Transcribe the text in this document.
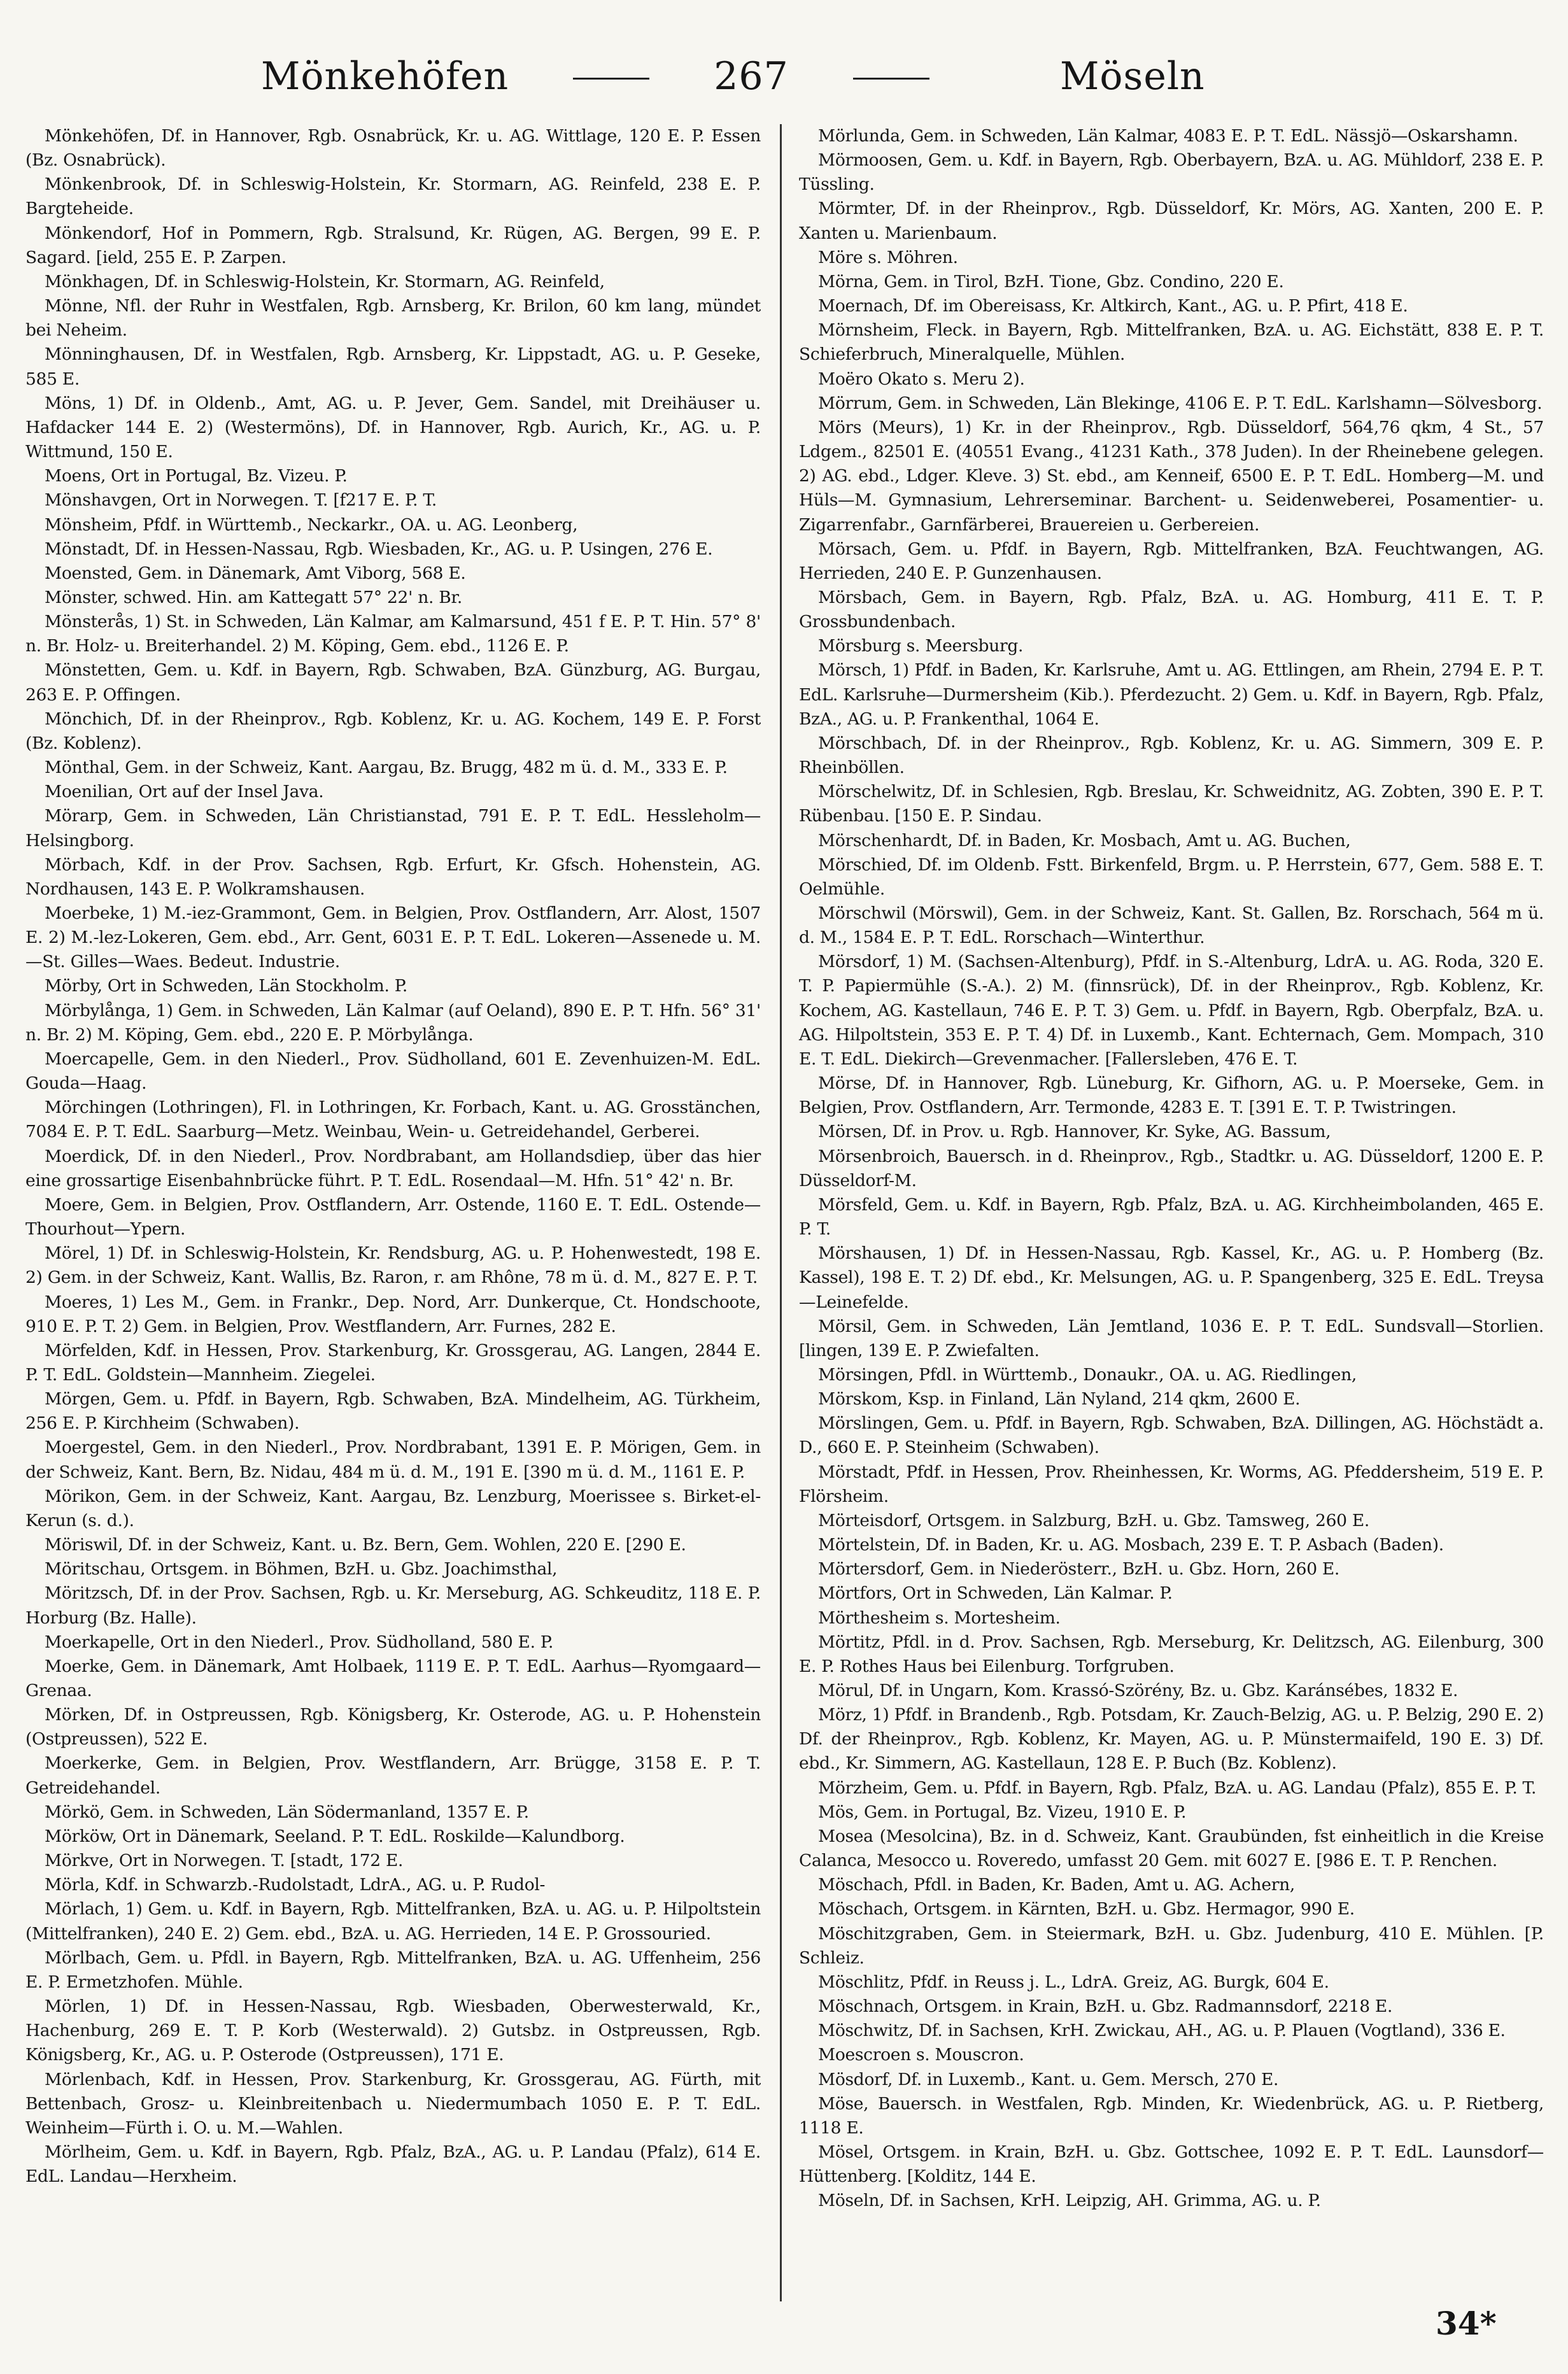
Mönkehöfen	267	Möseln

Mönkehöfen, Df. in Hannover, Rgb. Osnabrück, Kr. u. AG. Wittlage, 120 E. P. Essen (Bz. Osnabrück).

Mönkenbrook, Df. in Schleswig-Holstein, Kr. Stormarn, AG. Reinfeld, 238 E. P. Bargteheide.

Mönkendorf, Hof in Pommern, Rgb. Stralsund, Kr. Rügen, AG. Bergen, 99 E. P. Sagard. [ield, 255 E. P. Zarpen.

Mönkhagen, Df. in Schleswig-Holstein, Kr. Stormarn, AG. Reinfeld,

Mönne, Nfl. der Ruhr in Westfalen, Rgb. Arnsberg, Kr. Brilon, 60 km lang, mündet bei Neheim.

Mönninghausen, Df. in Westfalen, Rgb. Arnsberg, Kr. Lippstadt, AG. u. P. Geseke, 585 E.

Möns, 1) Df. in Oldenb., Amt, AG. u. P. Jever, Gem. Sandel, mit Dreihäuser u. Hafdacker 144 E. 2) (Westermöns), Df. in Hannover, Rgb. Aurich, Kr., AG. u. P. Wittmund, 150 E.

Moens, Ort in Portugal, Bz. Vizeu. P.

Mönshavgen, Ort in Norwegen. T. [f217 E. P. T.

Mönsheim, Pfdf. in Württemb., Neckarkr., OA. u. AG. Leonberg,

Mönstadt, Df. in Hessen-Nassau, Rgb. Wiesbaden, Kr., AG. u. P. Usingen, 276 E.

Moensted, Gem. in Dänemark, Amt Viborg, 568 E.

Mönster, schwed. Hin. am Kattegatt 57° 22' n. Br.

Mönsterås, 1) St. in Schweden, Län Kalmar, am Kalmarsund, 451 f E. P. T. Hin. 57° 8' n. Br. Holz- u. Breiterhandel. 2) M. Köping, Gem. ebd., 1126 E. P.

Mönstetten, Gem. u. Kdf. in Bayern, Rgb. Schwaben, BzA. Günzburg, AG. Burgau, 263 E. P. Offingen.

Mönchich, Df. in der Rheinprov., Rgb. Koblenz, Kr. u. AG. Kochem, 149 E. P. Forst (Bz. Koblenz).

Mönthal, Gem. in der Schweiz, Kant. Aargau, Bz. Brugg, 482 m ü. d. M., 333 E. P.

Moenilian, Ort auf der Insel Java.

Mörarp, Gem. in Schweden, Län Christianstad, 791 E. P. T. EdL. Hessleholm—Helsingborg.

Mörbach, Kdf. in der Prov. Sachsen, Rgb. Erfurt, Kr. Gfsch. Hohenstein, AG. Nordhausen, 143 E. P. Wolkramshausen.

Moerbeke, 1) M.-iez-Grammont, Gem. in Belgien, Prov. Ostflandern, Arr. Alost, 1507 E. 2) M.-lez-Lokeren, Gem. ebd., Arr. Gent, 6031 E. P. T. EdL. Lokeren—Assenede u. M.—St. Gilles—Waes. Bedeut. Industrie.

Mörby, Ort in Schweden, Län Stockholm. P.

Mörbylånga, 1) Gem. in Schweden, Län Kalmar (auf Oeland), 890 E. P. T. Hfn. 56° 31' n. Br. 2) M. Köping, Gem. ebd., 220 E. P. Mörbylånga.

Moercapelle, Gem. in den Niederl., Prov. Südholland, 601 E. Zevenhuizen-M. EdL. Gouda—Haag.

Mörchingen (Lothringen), Fl. in Lothringen, Kr. Forbach, Kant. u. AG. Grosstänchen, 7084 E. P. T. EdL. Saarburg—Metz. Weinbau, Wein- u. Getreidehandel, Gerberei.

Moerdick, Df. in den Niederl., Prov. Nordbrabant, am Hollandsdiep, über das hier eine grossartige Eisenbahnbrücke führt. P. T. EdL. Rosendaal—M. Hfn. 51° 42' n. Br.

Moere, Gem. in Belgien, Prov. Ostflandern, Arr. Ostende, 1160 E. T. EdL. Ostende—Thourhout—Ypern.

Mörel, 1) Df. in Schleswig-Holstein, Kr. Rendsburg, AG. u. P. Hohenwestedt, 198 E. 2) Gem. in der Schweiz, Kant. Wallis, Bz. Raron, r. am Rhône, 78 m ü. d. M., 827 E. P. T.

Moeres, 1) Les M., Gem. in Frankr., Dep. Nord, Arr. Dunkerque, Ct. Hondschoote, 910 E. P. T. 2) Gem. in Belgien, Prov. Westflandern, Arr. Furnes, 282 E.

Mörfelden, Kdf. in Hessen, Prov. Starkenburg, Kr. Grossgerau, AG. Langen, 2844 E. P. T. EdL. Goldstein—Mannheim. Ziegelei.

Mörgen, Gem. u. Pfdf. in Bayern, Rgb. Schwaben, BzA. Mindelheim, AG. Türkheim, 256 E. P. Kirchheim (Schwaben).

Moergestel, Gem. in den Niederl., Prov. Nordbrabant, 1391 E. P. Mörigen, Gem. in der Schweiz, Kant. Bern, Bz. Nidau, 484 m ü. d. M., 191 E. [390 m ü. d. M., 1161 E. P.

Mörikon, Gem. in der Schweiz, Kant. Aargau, Bz. Lenzburg, Moerissee s. Birket-el-Kerun (s. d.).

Möriswil, Df. in der Schweiz, Kant. u. Bz. Bern, Gem. Wohlen, 220 E. [290 E.

Möritschau, Ortsgem. in Böhmen, BzH. u. Gbz. Joachimsthal,

Möritzsch, Df. in der Prov. Sachsen, Rgb. u. Kr. Merseburg, AG. Schkeuditz, 118 E. P. Horburg (Bz. Halle).

Moerkapelle, Ort in den Niederl., Prov. Südholland, 580 E. P.

Moerke, Gem. in Dänemark, Amt Holbaek, 1119 E. P. T. EdL. Aarhus—Ryomgaard—Grenaa.

Mörken, Df. in Ostpreussen, Rgb. Königsberg, Kr. Osterode, AG. u. P. Hohenstein (Ostpreussen), 522 E.

Moerkerke, Gem. in Belgien, Prov. Westflandern, Arr. Brügge, 3158 E. P. T. Getreidehandel.

Mörkö, Gem. in Schweden, Län Södermanland, 1357 E. P.

Mörköw, Ort in Dänemark, Seeland. P. T. EdL. Roskilde—Kalundborg.

Mörkve, Ort in Norwegen. T. [stadt, 172 E.

Mörla, Kdf. in Schwarzb.-Rudolstadt, LdrA., AG. u. P. Rudol-

Mörlach, 1) Gem. u. Kdf. in Bayern, Rgb. Mittelfranken, BzA. u. AG. u. P. Hilpoltstein (Mittelfranken), 240 E. 2) Gem. ebd., BzA. u. AG. Herrieden, 14 E. P. Grossouried.

Mörlbach, Gem. u. Pfdl. in Bayern, Rgb. Mittelfranken, BzA. u. AG. Uffenheim, 256 E. P. Ermetzhofen. Mühle.

Mörlen, 1) Df. in Hessen-Nassau, Rgb. Wiesbaden, Oberwesterwald, Kr., Hachenburg, 269 E. T. P. Korb (Westerwald). 2) Gutsbz. in Ostpreussen, Rgb. Königsberg, Kr., AG. u. P. Osterode (Ostpreussen), 171 E.

Mörlenbach, Kdf. in Hessen, Prov. Starkenburg, Kr. Grossgerau, AG. Fürth, mit Bettenbach, Grosz- u. Kleinbreitenbach u. Niedermumbach 1050 E. P. T. EdL. Weinheim—Fürth i. O. u. M.—Wahlen.

Mörlheim, Gem. u. Kdf. in Bayern, Rgb. Pfalz, BzA., AG. u. P. Landau (Pfalz), 614 E. EdL. Landau—Herxheim.

Mörlunda, Gem. in Schweden, Län Kalmar, 4083 E. P. T. EdL. Nässjö—Oskarshamn.

Mörmoosen, Gem. u. Kdf. in Bayern, Rgb. Oberbayern, BzA. u. AG. Mühldorf, 238 E. P. Tüssling.

Mörmter, Df. in der Rheinprov., Rgb. Düsseldorf, Kr. Mörs, AG. Xanten, 200 E. P. Xanten u. Marienbaum.

Möre s. Möhren.

Mörna, Gem. in Tirol, BzH. Tione, Gbz. Condino, 220 E.

Moernach, Df. im Obereisass, Kr. Altkirch, Kant., AG. u. P. Pfirt, 418 E.

Mörnsheim, Fleck. in Bayern, Rgb. Mittelfranken, BzA. u. AG. Eichstätt, 838 E. P. T. Schieferbruch, Mineralquelle, Mühlen.

Moëro Okato s. Meru 2).

Mörrum, Gem. in Schweden, Län Blekinge, 4106 E. P. T. EdL. Karlshamn—Sölvesborg.

Mörs (Meurs), 1) Kr. in der Rheinprov., Rgb. Düsseldorf, 564,76 qkm, 4 St., 57 Ldgem., 82501 E. (40551 Evang., 41231 Kath., 378 Juden). In der Rheinebene gelegen. 2) AG. ebd., Ldger. Kleve. 3) St. ebd., am Kenneif, 6500 E. P. T. EdL. Homberg—M. und Hüls—M. Gymnasium, Lehrerseminar. Barchent- u. Seidenweberei, Posamentier- u. Zigarrenfabr., Garnfärberei, Brauereien u. Gerbereien.

Mörsach, Gem. u. Pfdf. in Bayern, Rgb. Mittelfranken, BzA. Feuchtwangen, AG. Herrieden, 240 E. P. Gunzenhausen.

Mörsbach, Gem. in Bayern, Rgb. Pfalz, BzA. u. AG. Homburg, 411 E. T. P. Grossbundenbach.

Mörsburg s. Meersburg.

Mörsch, 1) Pfdf. in Baden, Kr. Karlsruhe, Amt u. AG. Ettlingen, am Rhein, 2794 E. P. T. EdL. Karlsruhe—Durmersheim (Kib.). Pferdezucht. 2) Gem. u. Kdf. in Bayern, Rgb. Pfalz, BzA., AG. u. P. Frankenthal, 1064 E.

Mörschbach, Df. in der Rheinprov., Rgb. Koblenz, Kr. u. AG. Simmern, 309 E. P. Rheinböllen.

Mörschelwitz, Df. in Schlesien, Rgb. Breslau, Kr. Schweidnitz, AG. Zobten, 390 E. P. T. Rübenbau. [150 E. P. Sindau.

Mörschenhardt, Df. in Baden, Kr. Mosbach, Amt u. AG. Buchen,

Mörschied, Df. im Oldenb. Fstt. Birkenfeld, Brgm. u. P. Herrstein, 677, Gem. 588 E. T. Oelmühle.

Mörschwil (Mörswil), Gem. in der Schweiz, Kant. St. Gallen, Bz. Rorschach, 564 m ü. d. M., 1584 E. P. T. EdL. Rorschach—Winterthur.

Mörsdorf, 1) M. (Sachsen-Altenburg), Pfdf. in S.-Altenburg, LdrA. u. AG. Roda, 320 E. T. P. Papiermühle (S.-A.). 2) M. (finnsrück), Df. in der Rheinprov., Rgb. Koblenz, Kr. Kochem, AG. Kastellaun, 746 E. P. T. 3) Gem. u. Pfdf. in Bayern, Rgb. Oberpfalz, BzA. u. AG. Hilpoltstein, 353 E. P. T. 4) Df. in Luxemb., Kant. Echternach, Gem. Mompach, 310 E. T. EdL. Diekirch—Grevenmacher. [Fallersleben, 476 E. T.

Mörse, Df. in Hannover, Rgb. Lüneburg, Kr. Gifhorn, AG. u. P. Moerseke, Gem. in Belgien, Prov. Ostflandern, Arr. Termonde, 4283 E. T. [391 E. T. P. Twistringen.

Mörsen, Df. in Prov. u. Rgb. Hannover, Kr. Syke, AG. Bassum,

Mörsenbroich, Bauersch. in d. Rheinprov., Rgb., Stadtkr. u. AG. Düsseldorf, 1200 E. P. Düsseldorf-M.

Mörsfeld, Gem. u. Kdf. in Bayern, Rgb. Pfalz, BzA. u. AG. Kirchheimbolanden, 465 E. P. T.

Mörshausen, 1) Df. in Hessen-Nassau, Rgb. Kassel, Kr., AG. u. P. Homberg (Bz. Kassel), 198 E. T. 2) Df. ebd., Kr. Melsungen, AG. u. P. Spangenberg, 325 E. EdL. Treysa—Leinefelde.

Mörsil, Gem. in Schweden, Län Jemtland, 1036 E. P. T. EdL. Sundsvall—Storlien. [lingen, 139 E. P. Zwiefalten.

Mörsingen, Pfdl. in Württemb., Donaukr., OA. u. AG. Riedlingen,

Mörskom, Ksp. in Finland, Län Nyland, 214 qkm, 2600 E.

Mörslingen, Gem. u. Pfdf. in Bayern, Rgb. Schwaben, BzA. Dillingen, AG. Höchstädt a. D., 660 E. P. Steinheim (Schwaben).

Mörstadt, Pfdf. in Hessen, Prov. Rheinhessen, Kr. Worms, AG. Pfeddersheim, 519 E. P. Flörsheim.

Mörteisdorf, Ortsgem. in Salzburg, BzH. u. Gbz. Tamsweg, 260 E.

Mörtelstein, Df. in Baden, Kr. u. AG. Mosbach, 239 E. T. P. Asbach (Baden).

Mörtersdorf, Gem. in Niederösterr., BzH. u. Gbz. Horn, 260 E.

Mörtfors, Ort in Schweden, Län Kalmar. P.

Mörthesheim s. Mortesheim.

Mörtitz, Pfdl. in d. Prov. Sachsen, Rgb. Merseburg, Kr. Delitzsch, AG. Eilenburg, 300 E. P. Rothes Haus bei Eilenburg. Torfgruben.

Mörul, Df. in Ungarn, Kom. Krassó-Szörény, Bz. u. Gbz. Karánsébes, 1832 E.

Mörz, 1) Pfdf. in Brandenb., Rgb. Potsdam, Kr. Zauch-Belzig, AG. u. P. Belzig, 290 E. 2) Df. der Rheinprov., Rgb. Koblenz, Kr. Mayen, AG. u. P. Münstermaifeld, 190 E. 3) Df. ebd., Kr. Simmern, AG. Kastellaun, 128 E. P. Buch (Bz. Koblenz).

Mörzheim, Gem. u. Pfdf. in Bayern, Rgb. Pfalz, BzA. u. AG. Landau (Pfalz), 855 E. P. T.

Mös, Gem. in Portugal, Bz. Vizeu, 1910 E. P.

Mosea (Mesolcina), Bz. in d. Schweiz, Kant. Graubünden, fst einheitlich in die Kreise Calanca, Mesocco u. Roveredo, umfasst 20 Gem. mit 6027 E. [986 E. T. P. Renchen.

Möschach, Pfdl. in Baden, Kr. Baden, Amt u. AG. Achern,

Möschach, Ortsgem. in Kärnten, BzH. u. Gbz. Hermagor, 990 E.

Möschitzgraben, Gem. in Steiermark, BzH. u. Gbz. Judenburg, 410 E. Mühlen. [P. Schleiz.

Möschlitz, Pfdf. in Reuss j. L., LdrA. Greiz, AG. Burgk, 604 E.

Möschnach, Ortsgem. in Krain, BzH. u. Gbz. Radmannsdorf, 2218 E.

Möschwitz, Df. in Sachsen, KrH. Zwickau, AH., AG. u. P. Plauen (Vogtland), 336 E.

Moescroen s. Mouscron.

Mösdorf, Df. in Luxemb., Kant. u. Gem. Mersch, 270 E.

Möse, Bauersch. in Westfalen, Rgb. Minden, Kr. Wiedenbrück, AG. u. P. Rietberg, 1118 E.

Mösel, Ortsgem. in Krain, BzH. u. Gbz. Gottschee, 1092 E. P. T. EdL. Launsdorf—Hüttenberg. [Kolditz, 144 E.

Möseln, Df. in Sachsen, KrH. Leipzig, AH. Grimma, AG. u. P.

34*
